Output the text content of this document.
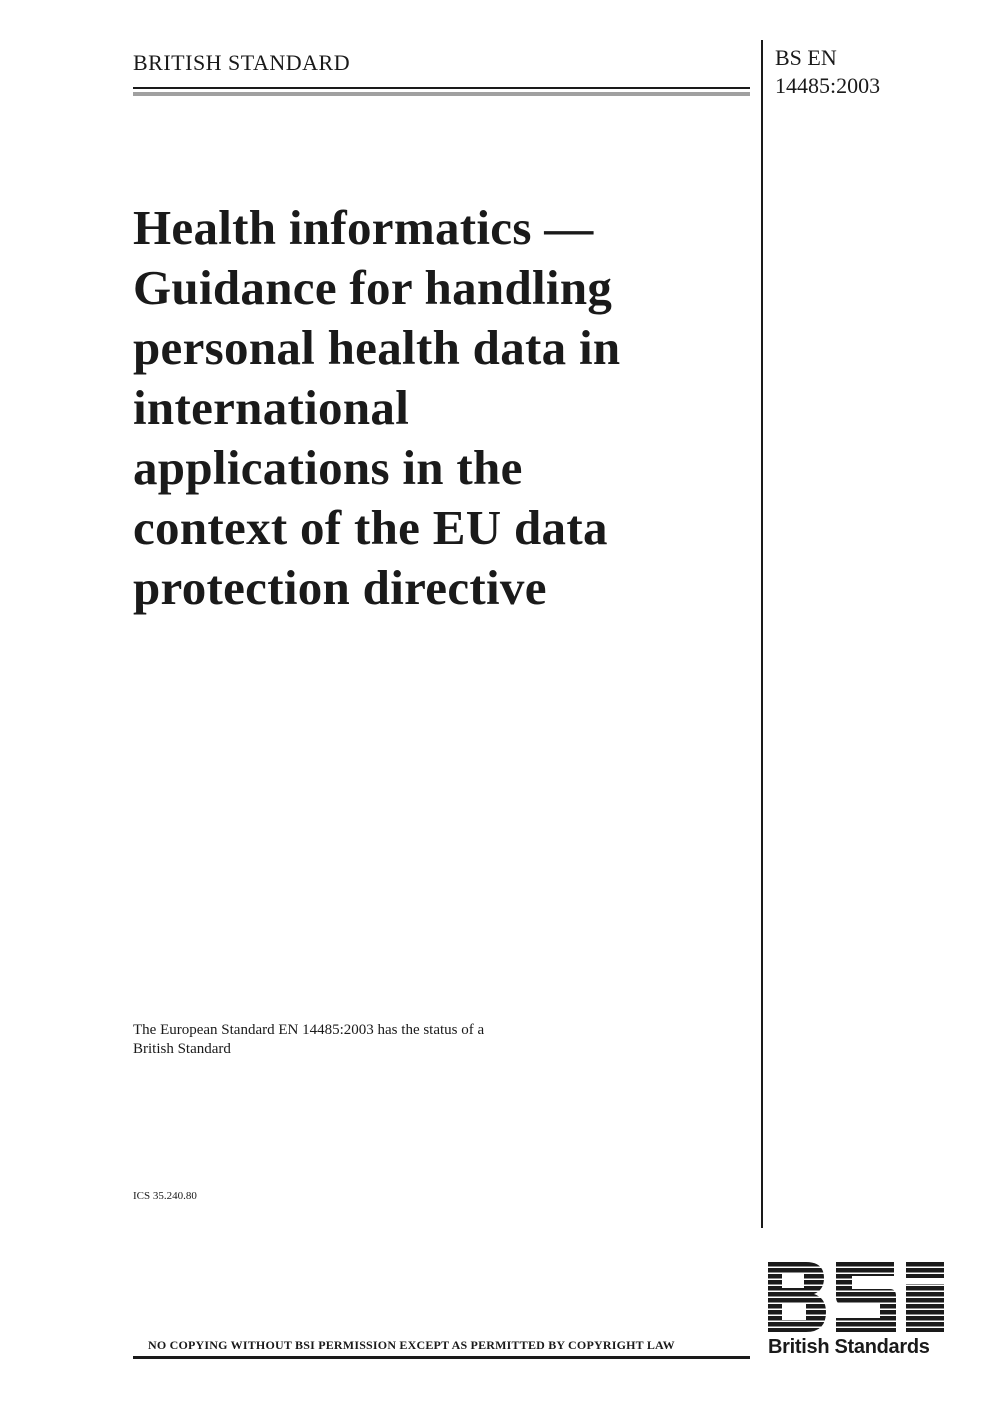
BRITISH STANDARD	BS EN
14485:2003
Health informatics —
Guidance for handling
personal health data in
international
applications in the
context of the EU data
protection directive
The European Standard EN 14485:2003 has the status of a
British Standard
ICS 35.240.80
NO COPYING WITHOUT BSI PERMISSION EXCEPT AS PERMITTED BY COPYRIGHT LAW	British Standards
